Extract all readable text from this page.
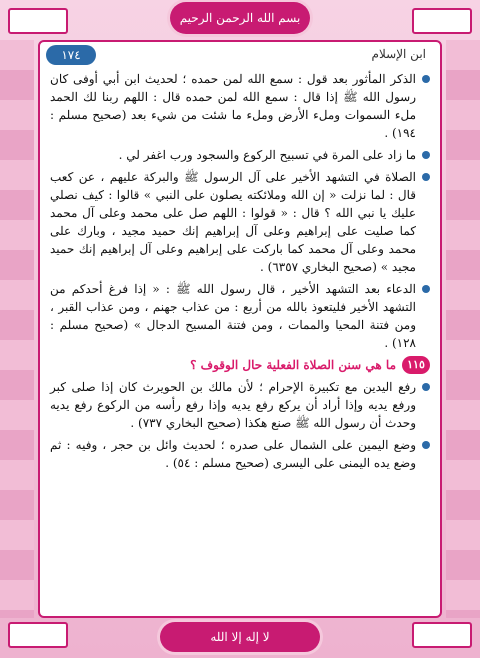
بسم الله الرحمن الرحيم
١٧٤	ابن الإسلام
الذكر المأثور بعد قول : سمع الله لمن حمده ؛ لحديث ابن أبي أوفى كان رسول الله ﷺ إذا قال : سمع الله لمن حمده قال : اللهم ربنا لك الحمد ملء السموات وملء الأرض وملء ما شئت من شيء بعد (صحيح مسلم : ١٩٤) .
ما زاد على المرة في تسبيح الركوع والسجود ورب اغفر لي .
الصلاة في التشهد الأخير على آل الرسول ﷺ والبركة عليهم ، عن كعب قال : لما نزلت « إن الله وملائكته يصلون على النبي » قالوا : كيف نصلي عليك يا نبي الله ؟ قال : « قولوا : اللهم صل على محمد وعلى آل محمد كما صليت على إبراهيم وعلى آل إبراهيم إنك حميد مجيد ، وبارك على محمد وعلى آل محمد كما باركت على إبراهيم وعلى آل إبراهيم إنك حميد مجيد » (صحيح البخاري ٦٣٥٧) .
الدعاء بعد التشهد الأخير ، قال رسول الله ﷺ : « إذا فرغ أحدكم من التشهد الأخير فليتعوذ بالله من أربع : من عذاب جهنم ، ومن عذاب القبر ، ومن فتنة المحيا والممات ، ومن فتنة المسيح الدجال » (صحيح مسلم : ١٢٨) .
١١٥
ما هي سنن الصلاة الفعلية حال الوقوف ؟
رفع اليدين مع تكبيرة الإحرام ؛ لأن مالك بن الحويرث كان إذا صلى كبر ورفع يديه وإذا أراد أن يركع رفع يديه وإذا رفع رأسه من الركوع رفع يديه وحدث أن رسول الله ﷺ صنع هكذا (صحيح البخاري ٧٣٧) .
وضع اليمين على الشمال على صدره ؛ لحديث وائل بن حجر ، وفيه : ثم وضع يده اليمنى على اليسرى (صحيح مسلم : ٥٤) .
لا إله إلا الله
